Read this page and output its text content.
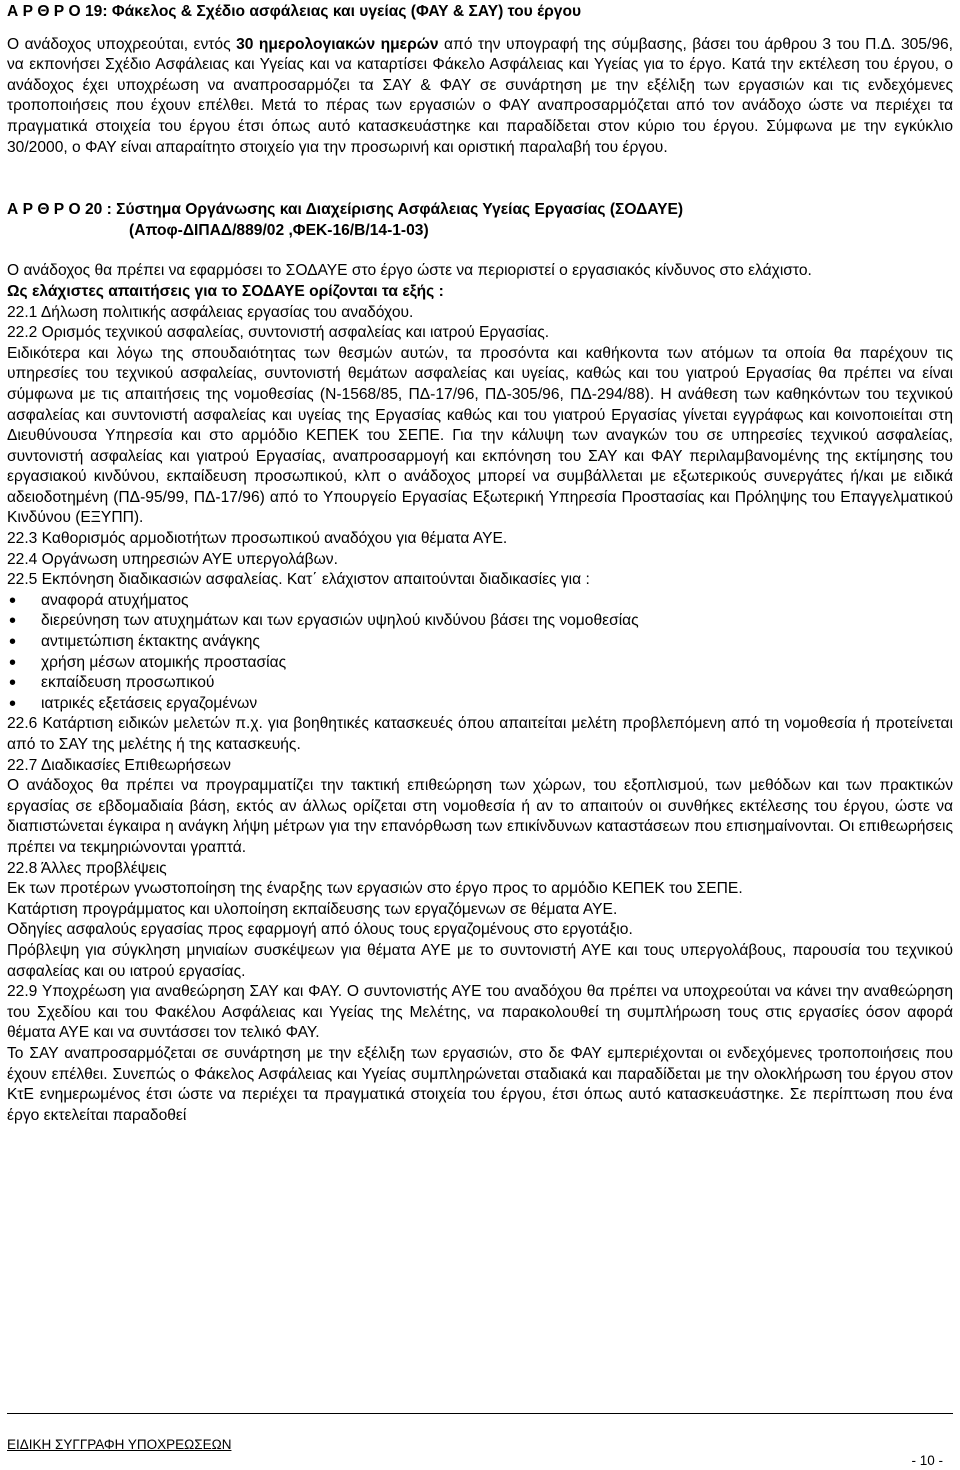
Α Ρ Θ Ρ Ο 19: Φάκελος & Σχέδιο ασφάλειας και υγείας (ΦΑΥ & ΣΑΥ) του έργου

Ο ανάδοχος υποχρεούται, εντός 30 ημερολογιακών ημερών από την υπογραφή της σύμβασης, βάσει του άρθρου 3 του Π.Δ. 305/96, να εκπονήσει Σχέδιο Ασφάλειας και Υγείας και να καταρτίσει Φάκελο Ασφάλειας και Υγείας για το έργο. Κατά την εκτέλεση του έργου, ο ανάδοχος έχει υποχρέωση να αναπροσαρμόζει τα ΣΑΥ & ΦΑΥ σε συνάρτηση με την εξέλιξη των εργασιών και τις ενδεχόμενες τροποποιήσεις που έχουν επέλθει. Μετά το πέρας των εργασιών ο ΦΑΥ αναπροσαρμόζεται από τον ανάδοχο ώστε να περιέχει τα πραγματικά στοιχεία του έργου έτσι όπως αυτό κατασκευάστηκε και παραδίδεται στον κύριο του έργου. Σύμφωνα με την εγκύκλιο 30/2000, ο ΦΑΥ είναι απαραίτητο στοιχείο για την προσωρινή και οριστική παραλαβή του έργου.

Α Ρ Θ Ρ Ο 20 : Σύστημα Οργάνωσης και Διαχείρισης Ασφάλειας Υγείας Εργασίας (ΣΟΔΑΥΕ)

(Αποφ-ΔΙΠΑΔ/889/02 ,ΦΕΚ-16/Β/14-1-03)

Ο ανάδοχος θα πρέπει να εφαρμόσει το ΣΟΔΑΥΕ στο έργο ώστε να περιοριστεί ο εργασιακός κίνδυνος στο ελάχιστο.

Ως ελάχιστες απαιτήσεις για το ΣΟΔΑΥΕ ορίζονται τα εξής :

22.1 Δήλωση πολιτικής ασφάλειας εργασίας του αναδόχου.

22.2 Ορισμός τεχνικού ασφαλείας, συντονιστή ασφαλείας και ιατρού Εργασίας.

Ειδικότερα και λόγω της σπουδαιότητας των θεσμών αυτών, τα προσόντα και καθήκοντα των ατόμων τα οποία θα παρέχουν τις υπηρεσίες του τεχνικού ασφαλείας, συντονιστή θεμάτων ασφαλείας και υγείας, καθώς και του γιατρού Εργασίας θα πρέπει να είναι σύμφωνα με τις απαιτήσεις της νομοθεσίας (Ν-1568/85, ΠΔ-17/96, ΠΔ-305/96, ΠΔ-294/88). Η ανάθεση των καθηκόντων του τεχνικού ασφαλείας και συντονιστή ασφαλείας και υγείας της Εργασίας καθώς και του γιατρού Εργασίας γίνεται εγγράφως και κοινοποιείται στη Διευθύνουσα Υπηρεσία και στο αρμόδιο ΚΕΠΕΚ του ΣΕΠΕ. Για την κάλυψη των αναγκών του σε υπηρεσίες τεχνικού ασφαλείας, συντονιστή ασφαλείας και γιατρού Εργασίας, αναπροσαρμογή και εκπόνηση του ΣΑΥ και ΦΑΥ περιλαμβανομένης της εκτίμησης του εργασιακού κινδύνου, εκπαίδευση προσωπικού, κλπ ο ανάδοχος μπορεί να συμβάλλεται με εξωτερικούς συνεργάτες ή/και με ειδικά αδειοδοτημένη (ΠΔ-95/99, ΠΔ-17/96) από το Υπουργείο Εργασίας Εξωτερική Υπηρεσία Προστασίας και Πρόληψης του Επαγγελματικού Κινδύνου (ΕΞΥΠΠ).

22.3 Καθορισμός αρμοδιοτήτων προσωπικού αναδόχου για θέματα ΑΥΕ.

22.4 Οργάνωση υπηρεσιών ΑΥΕ υπεργολάβων.

22.5 Εκπόνηση διαδικασιών ασφαλείας. Κατ΄ ελάχιστον απαιτούνται διαδικασίες για :

• αναφορά ατυχήματος
• διερεύνηση των ατυχημάτων και των εργασιών υψηλού κινδύνου βάσει της νομοθεσίας
• αντιμετώπιση έκτακτης ανάγκης
• χρήση μέσων ατομικής προστασίας
• εκπαίδευση προσωπικού
• ιατρικές εξετάσεις εργαζομένων

22.6 Κατάρτιση ειδικών μελετών π.χ. για βοηθητικές κατασκευές όπου απαιτείται μελέτη προβλεπόμενη από τη νομοθεσία ή προτείνεται από το ΣΑΥ της μελέτης ή της κατασκευής.

22.7 Διαδικασίες Επιθεωρήσεων

Ο ανάδοχος θα πρέπει να προγραμματίζει την τακτική επιθεώρηση των χώρων, του εξοπλισμού, των μεθόδων και των πρακτικών εργασίας σε εβδομαδιαία βάση, εκτός αν άλλως ορίζεται στη νομοθεσία ή αν το απαιτούν οι συνθήκες εκτέλεσης του έργου, ώστε να διαπιστώνεται έγκαιρα η ανάγκη λήψη μέτρων για την επανόρθωση των επικίνδυνων καταστάσεων που επισημαίνονται. Οι επιθεωρήσεις πρέπει να τεκμηριώνονται γραπτά.

22.8 Άλλες προβλέψεις

Εκ των προτέρων γνωστοποίηση της έναρξης των εργασιών στο έργο προς το αρμόδιο ΚΕΠΕΚ του ΣΕΠΕ.

Κατάρτιση προγράμματος και υλοποίηση εκπαίδευσης των εργαζόμενων σε θέματα ΑΥΕ.

Οδηγίες ασφαλούς εργασίας προς εφαρμογή από όλους τους εργαζομένους στο εργοτάξιο.

Πρόβλεψη για σύγκληση μηνιαίων συσκέψεων για θέματα ΑΥΕ με το συντονιστή ΑΥΕ και τους υπεργολάβους, παρουσία του τεχνικού ασφαλείας και ου ιατρού εργασίας.

22.9 Υποχρέωση για αναθεώρηση ΣΑΥ και ΦΑΥ. Ο συντονιστής ΑΥΕ του αναδόχου θα πρέπει να υποχρεούται να κάνει την αναθεώρηση του Σχεδίου και του Φακέλου Ασφάλειας και Υγείας της Μελέτης, να παρακολουθεί τη συμπλήρωση τους στις εργασίες όσον αφορά θέματα ΑΥΕ και να συντάσσει τον τελικό ΦΑΥ.

Το ΣΑΥ αναπροσαρμόζεται σε συνάρτηση με την εξέλιξη των εργασιών, στο δε ΦΑΥ εμπεριέχονται οι ενδεχόμενες τροποποιήσεις που έχουν επέλθει. Συνεπώς ο Φάκελος Ασφάλειας και Υγείας συμπληρώνεται σταδιακά και παραδίδεται με την ολοκλήρωση του έργου στον ΚτΕ ενημερωμένος έτσι ώστε να περιέχει τα πραγματικά στοιχεία του έργου, έτσι όπως αυτό κατασκευάστηκε. Σε περίπτωση που ένα έργο εκτελείται παραδοθεί

ΕΙΔΙΚΗ ΣΥΓΓΡΑΦΗ ΥΠΟΧΡΕΩΣΕΩΝ
- 10 -
